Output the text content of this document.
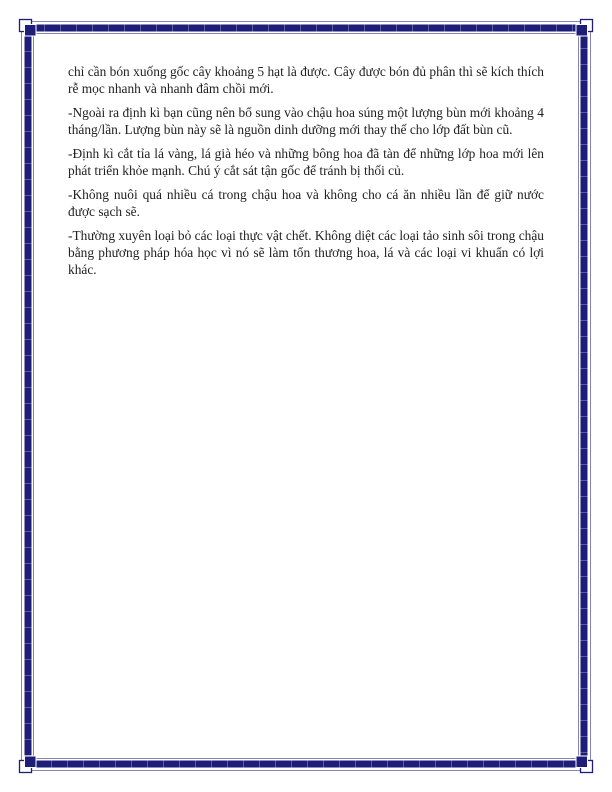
chỉ cần bón xuống gốc cây khoảng 5 hạt là được. Cây được bón đủ phân thì sẽ kích thích rễ mọc nhanh và nhanh đâm chồi mới.

-Ngoài ra định kì bạn cũng nên bổ sung vào chậu hoa súng một lượng bùn mới khoảng 4 tháng/lần. Lượng bùn này sẽ là nguồn dinh dưỡng mới thay thế cho lớp đất bùn cũ.

-Định kì cắt tỉa lá vàng, lá già héo và những bông hoa đã tàn để những lớp hoa mới lên phát triển khỏe mạnh. Chú ý cắt sát tận gốc để tránh bị thối củ.

-Không nuôi quá nhiều cá trong chậu hoa và không cho cá ăn nhiều lần để giữ nước được sạch sẽ.

-Thường xuyên loại bỏ các loại thực vật chết. Không diệt các loại tảo sinh sôi trong chậu bằng phương pháp hóa học vì nó sẽ làm tổn thương hoa, lá và các loại vi khuẩn có lợi khác.
